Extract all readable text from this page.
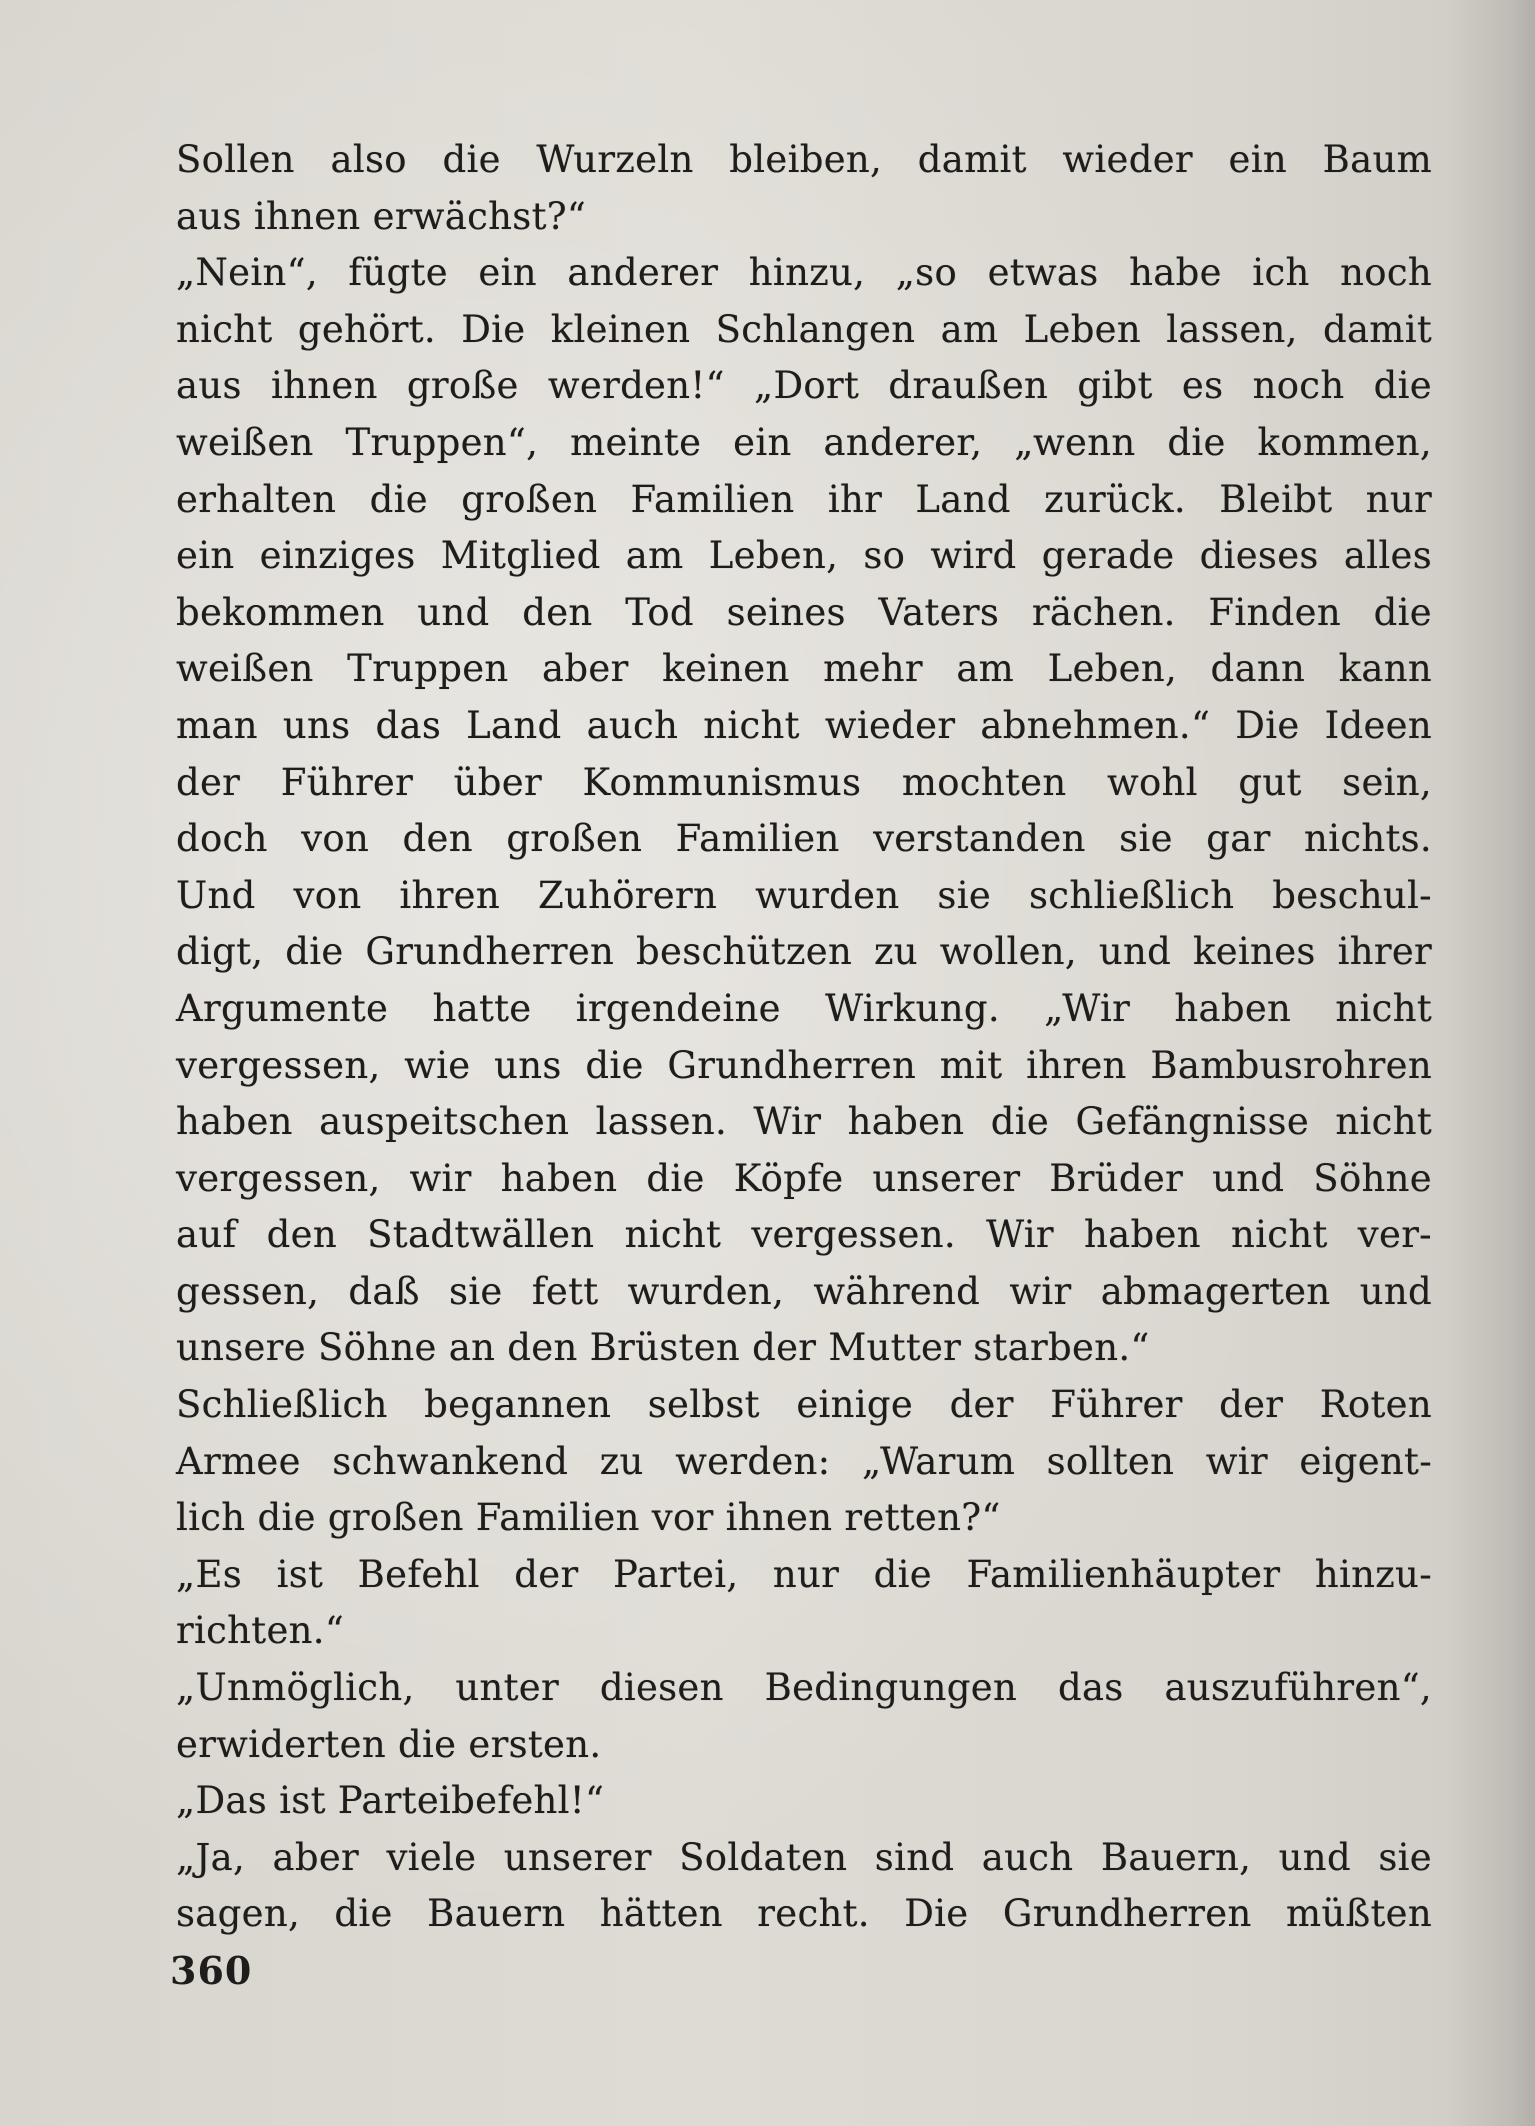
Sollen also die Wurzeln bleiben, damit wieder ein Baum
aus ihnen erwächst?“
„Nein“, fügte ein anderer hinzu, „so etwas habe ich noch
nicht gehört. Die kleinen Schlangen am Leben lassen, damit
aus ihnen große werden!“ „Dort draußen gibt es noch die
weißen Truppen“, meinte ein anderer, „wenn die kommen,
erhalten die großen Familien ihr Land zurück. Bleibt nur
ein einziges Mitglied am Leben, so wird gerade dieses alles
bekommen und den Tod seines Vaters rächen. Finden die
weißen Truppen aber keinen mehr am Leben, dann kann
man uns das Land auch nicht wieder abnehmen.“ Die Ideen
der Führer über Kommunismus mochten wohl gut sein,
doch von den großen Familien verstanden sie gar nichts.
Und von ihren Zuhörern wurden sie schließlich beschul-
digt, die Grundherren beschützen zu wollen, und keines ihrer
Argumente hatte irgendeine Wirkung. „Wir haben nicht
vergessen, wie uns die Grundherren mit ihren Bambusrohren
haben auspeitschen lassen. Wir haben die Gefängnisse nicht
vergessen, wir haben die Köpfe unserer Brüder und Söhne
auf den Stadtwällen nicht vergessen. Wir haben nicht ver-
gessen, daß sie fett wurden, während wir abmagerten und
unsere Söhne an den Brüsten der Mutter starben.“
Schließlich begannen selbst einige der Führer der Roten
Armee schwankend zu werden: „Warum sollten wir eigent-
lich die großen Familien vor ihnen retten?“
„Es ist Befehl der Partei, nur die Familienhäupter hinzu-
richten.“
„Unmöglich, unter diesen Bedingungen das auszuführen“,
erwiderten die ersten.
„Das ist Parteibefehl!“
„Ja, aber viele unserer Soldaten sind auch Bauern, und sie
sagen, die Bauern hätten recht. Die Grundherren müßten
360
